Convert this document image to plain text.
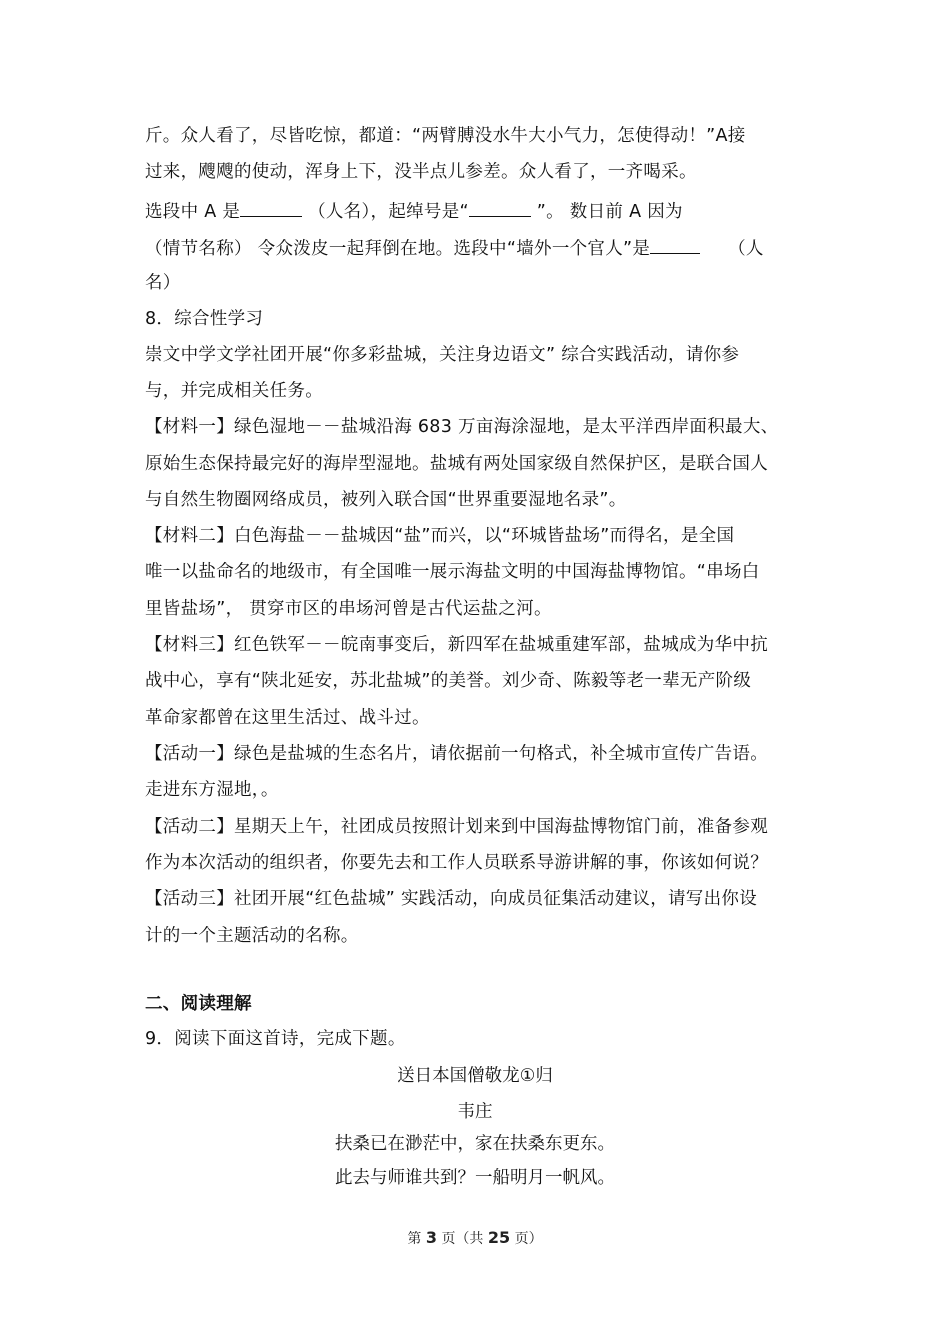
斤。众人看了，尽皆吃惊，都道：“两臂膊没水牛大小气力，怎使得动！”A接
过来，飕飕的使动，浑身上下，没半点儿参差。众人看了，一齐喝采。
选段中 A 是	（人名），起绰号是“	”。 数日前 A 因为
（情节名称） 令众泼皮一起拜倒在地。选段中“墙外一个官人”是	（人
名）
8．综合性学习
崇文中学文学社团开展“你多彩盐城，关注身边语文” 综合实践活动，请你参
与，并完成相关任务。
【材料一】绿色湿地－－盐城沿海 683 万亩海涂湿地，是太平洋西岸面积最大、
原始生态保持最完好的海岸型湿地。盐城有两处国家级自然保护区，是联合国人
与自然生物圈网络成员，被列入联合国“世界重要湿地名录”。
【材料二】白色海盐－－盐城因“盐”而兴，以“环城皆盐场”而得名，是全国
唯一以盐命名的地级市，有全国唯一展示海盐文明的中国海盐博物馆。“串场白
里皆盐场”， 贯穿市区的串场河曾是古代运盐之河。
【材料三】红色铁军－－皖南事变后，新四军在盐城重建军部，盐城成为华中抗
战中心，享有“陕北延安，苏北盐城”的美誉。刘少奇、陈毅等老一辈无产阶级
革命家都曾在这里生活过、战斗过。
【活动一】绿色是盐城的生态名片，请依据前一句格式，补全城市宣传广告语。
走进东方湿地，。
【活动二】星期天上午，社团成员按照计划来到中国海盐博物馆门前，准备参观
作为本次活动的组织者，你要先去和工作人员联系导游讲解的事，你该如何说？
【活动三】社团开展“红色盐城” 实践活动，向成员征集活动建议，请写出你设
计的一个主题活动的名称。
二、阅读理解
9．阅读下面这首诗，完成下题。
送日本国僧敬龙①归
韦庄
扶桑已在渺茫中，家在扶桑东更东。
此去与师谁共到？一船明月一帆风。
第 3 页（共 25 页）
